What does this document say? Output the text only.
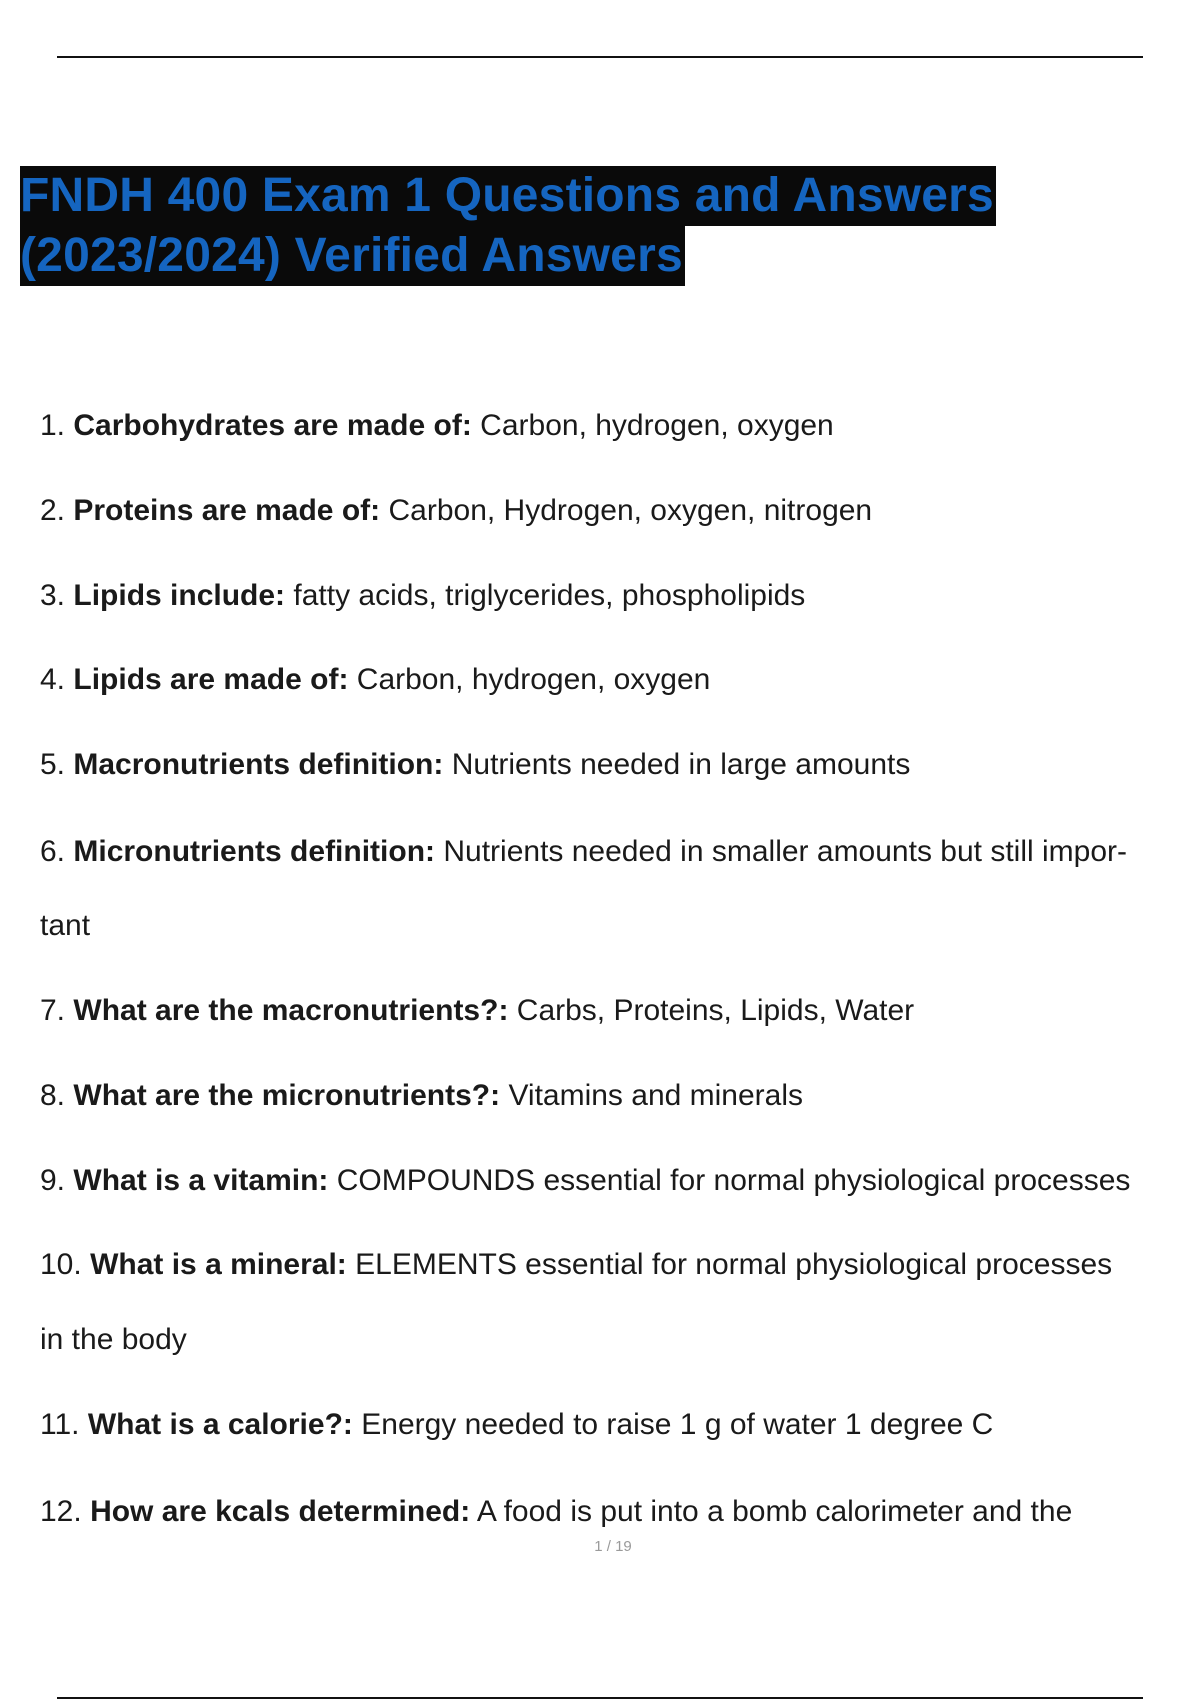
FNDH 400 Exam 1 Questions and Answers
(2023/2024) Verified Answers
1. Carbohydrates are made of: Carbon, hydrogen, oxygen
2. Proteins are made of: Carbon, Hydrogen, oxygen, nitrogen
3. Lipids include: fatty acids, triglycerides, phospholipids
4. Lipids are made of: Carbon, hydrogen, oxygen
5. Macronutrients definition: Nutrients needed in large amounts
6. Micronutrients definition: Nutrients needed in smaller amounts but still impor-
tant
7. What are the macronutrients?: Carbs, Proteins, Lipids, Water
8. What are the micronutrients?: Vitamins and minerals
9. What is a vitamin: COMPOUNDS essential for normal physiological processes
10. What is a mineral: ELEMENTS essential for normal physiological processes
in the body
11. What is a calorie?: Energy needed to raise 1 g of water 1 degree C
12. How are kcals determined: A food is put into a bomb calorimeter and the
1 / 19
